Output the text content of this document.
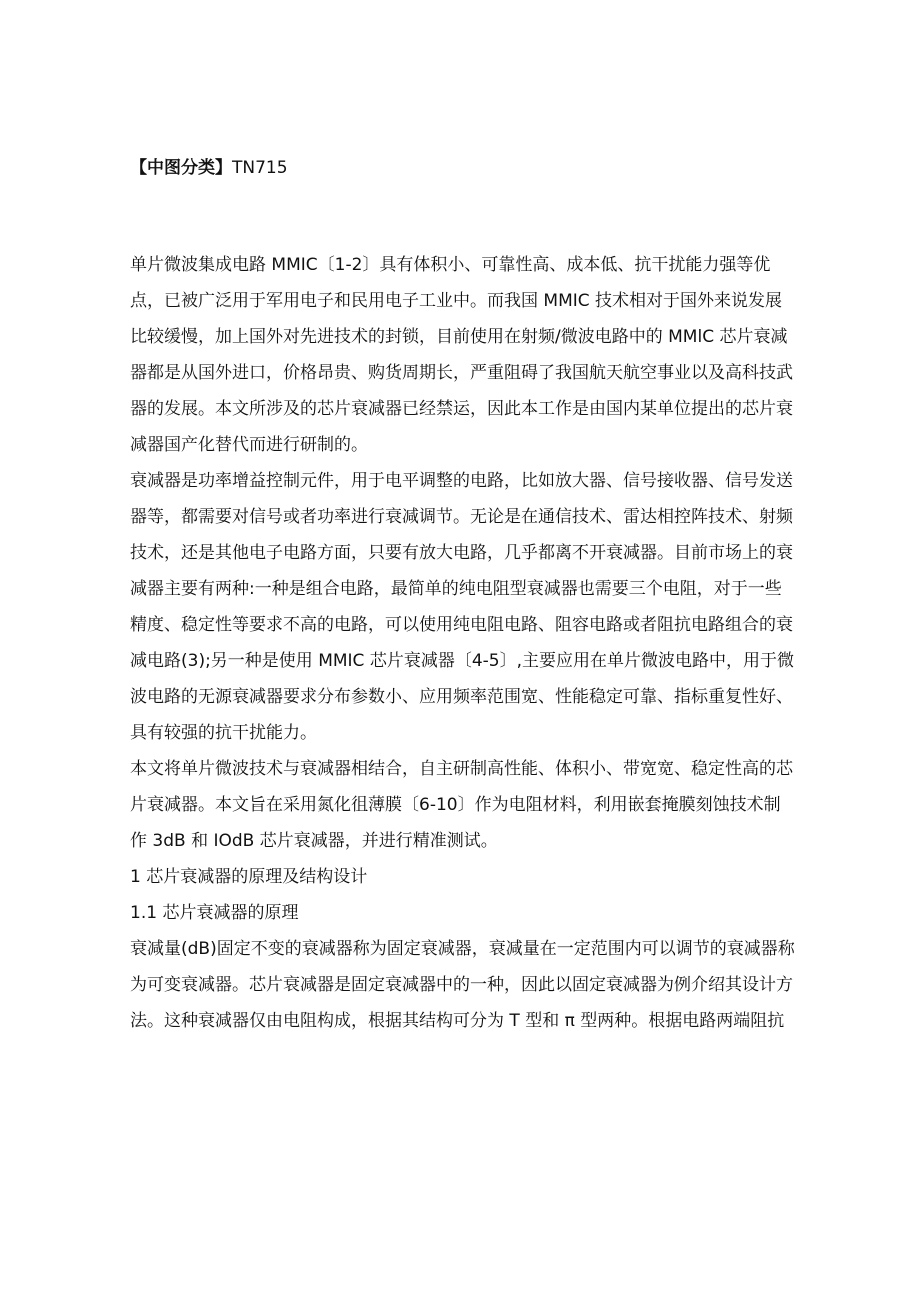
【中图分类】TN715

单片微波集成电路 MMIC〔1-2〕具有体积小、可靠性高、成本低、抗干扰能力强等优

点，已被广泛用于军用电子和民用电子工业中。而我国 MMIC 技术相对于国外来说发展

比较缓慢，加上国外对先进技术的封锁，目前使用在射频/微波电路中的 MMlC 芯片衰减

器都是从国外进口，价格昂贵、购货周期长，严重阻碍了我国航天航空事业以及高科技武

器的发展。本文所涉及的芯片衰减器已经禁运，因此本工作是由国内某单位提出的芯片衰

减器国产化替代而进行研制的。

衰减器是功率增益控制元件，用于电平调整的电路，比如放大器、信号接收器、信号发送

器等，都需要对信号或者功率进行衰减调节。无论是在通信技术、雷达相控阵技术、射频

技术，还是其他电子电路方面，只要有放大电路，几乎都离不开衰减器。目前市场上的衰

减器主要有两种:一种是组合电路，最简单的纯电阻型衰减器也需要三个电阻，对于一些

精度、稳定性等要求不高的电路，可以使用纯电阻电路、阻容电路或者阻抗电路组合的衰

减电路(3);另一种是使用 MMIC 芯片衰减器〔4-5〕,主要应用在单片微波电路中，用于微

波电路的无源衰减器要求分布参数小、应用频率范围宽、性能稳定可靠、指标重复性好、

具有较强的抗干扰能力。

本文将单片微波技术与衰减器相结合，自主研制高性能、体积小、带宽宽、稳定性高的芯

片衰减器。本文旨在采用氮化徂薄膜〔6-10〕作为电阻材料，利用嵌套掩膜刻蚀技术制

作 3dB 和 IOdB 芯片衰减器，并进行精准测试。

1 芯片衰减器的原理及结构设计

1.1 芯片衰减器的原理

衰减量(dB)固定不变的衰减器称为固定衰减器，衰减量在一定范围内可以调节的衰减器称

为可变衰减器。芯片衰减器是固定衰减器中的一种，因此以固定衰减器为例介绍其设计方

法。这种衰减器仅由电阻构成，根据其结构可分为 T 型和 π 型两种。根据电路两端阻抗
